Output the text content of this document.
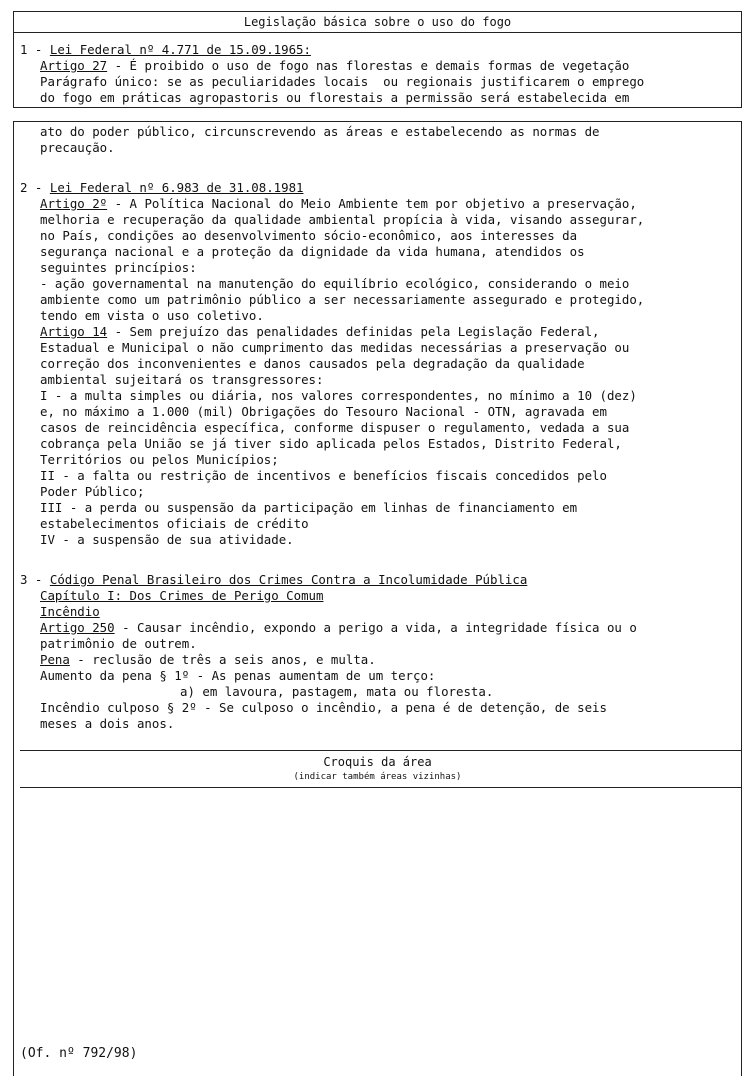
Legislação básica sobre o uso do fogo
1 - Lei Federal nº 4.771 de 15.09.1965:
Artigo 27 - É proibido o uso de fogo nas florestas e demais formas de vegetação
Parágrafo único: se as peculiaridades locais  ou regionais justificarem o emprego
do fogo em práticas agropastoris ou florestais a permissão será estabelecida em
Croquis da área
(indicar também áreas vizinhas)
ato do poder público, circunscrevendo as áreas e estabelecendo as normas de
precaução.
2 - Lei Federal nº 6.983 de 31.08.1981
Artigo 2º - A Política Nacional do Meio Ambiente tem por objetivo a preservação,
melhoria e recuperação da qualidade ambiental propícia à vida, visando assegurar,
no País, condições ao desenvolvimento sócio-econômico, aos interesses da
segurança nacional e a proteção da dignidade da vida humana, atendidos os
seguintes princípios:
- ação governamental na manutenção do equilíbrio ecológico, considerando o meio
ambiente como um patrimônio público a ser necessariamente assegurado e protegido,
tendo em vista o uso coletivo.
Artigo 14 - Sem prejuízo das penalidades definidas pela Legislação Federal,
Estadual e Municipal o não cumprimento das medidas necessárias a preservação ou
correção dos inconvenientes e danos causados pela degradação da qualidade
ambiental sujeitará os transgressores:
I - a multa simples ou diária, nos valores correspondentes, no mínimo a 10 (dez)
e, no máximo a 1.000 (mil) Obrigações do Tesouro Nacional - OTN, agravada em
casos de reincidência específica, conforme dispuser o regulamento, vedada a sua
cobrança pela União se já tiver sido aplicada pelos Estados, Distrito Federal,
Territórios ou pelos Municípios;
II - a falta ou restrição de incentivos e benefícios fiscais concedidos pelo
Poder Público;
III - a perda ou suspensão da participação em linhas de financiamento em
estabelecimentos oficiais de crédito
IV - a suspensão de sua atividade.
3 - Código Penal Brasileiro dos Crimes Contra a Incolumidade Pública
Capítulo I: Dos Crimes de Perigo Comum
Incêndio
Artigo 250 - Causar incêndio, expondo a perigo a vida, a integridade física ou o
patrimônio de outrem.
Pena - reclusão de três a seis anos, e multa.
Aumento da pena § 1º - As penas aumentam de um terço:
a) em lavoura, pastagem, mata ou floresta.
Incêndio culposo § 2º - Se culposo o incêndio, a pena é de detenção, de seis
meses a dois anos.
(Of. nº 792/98)
